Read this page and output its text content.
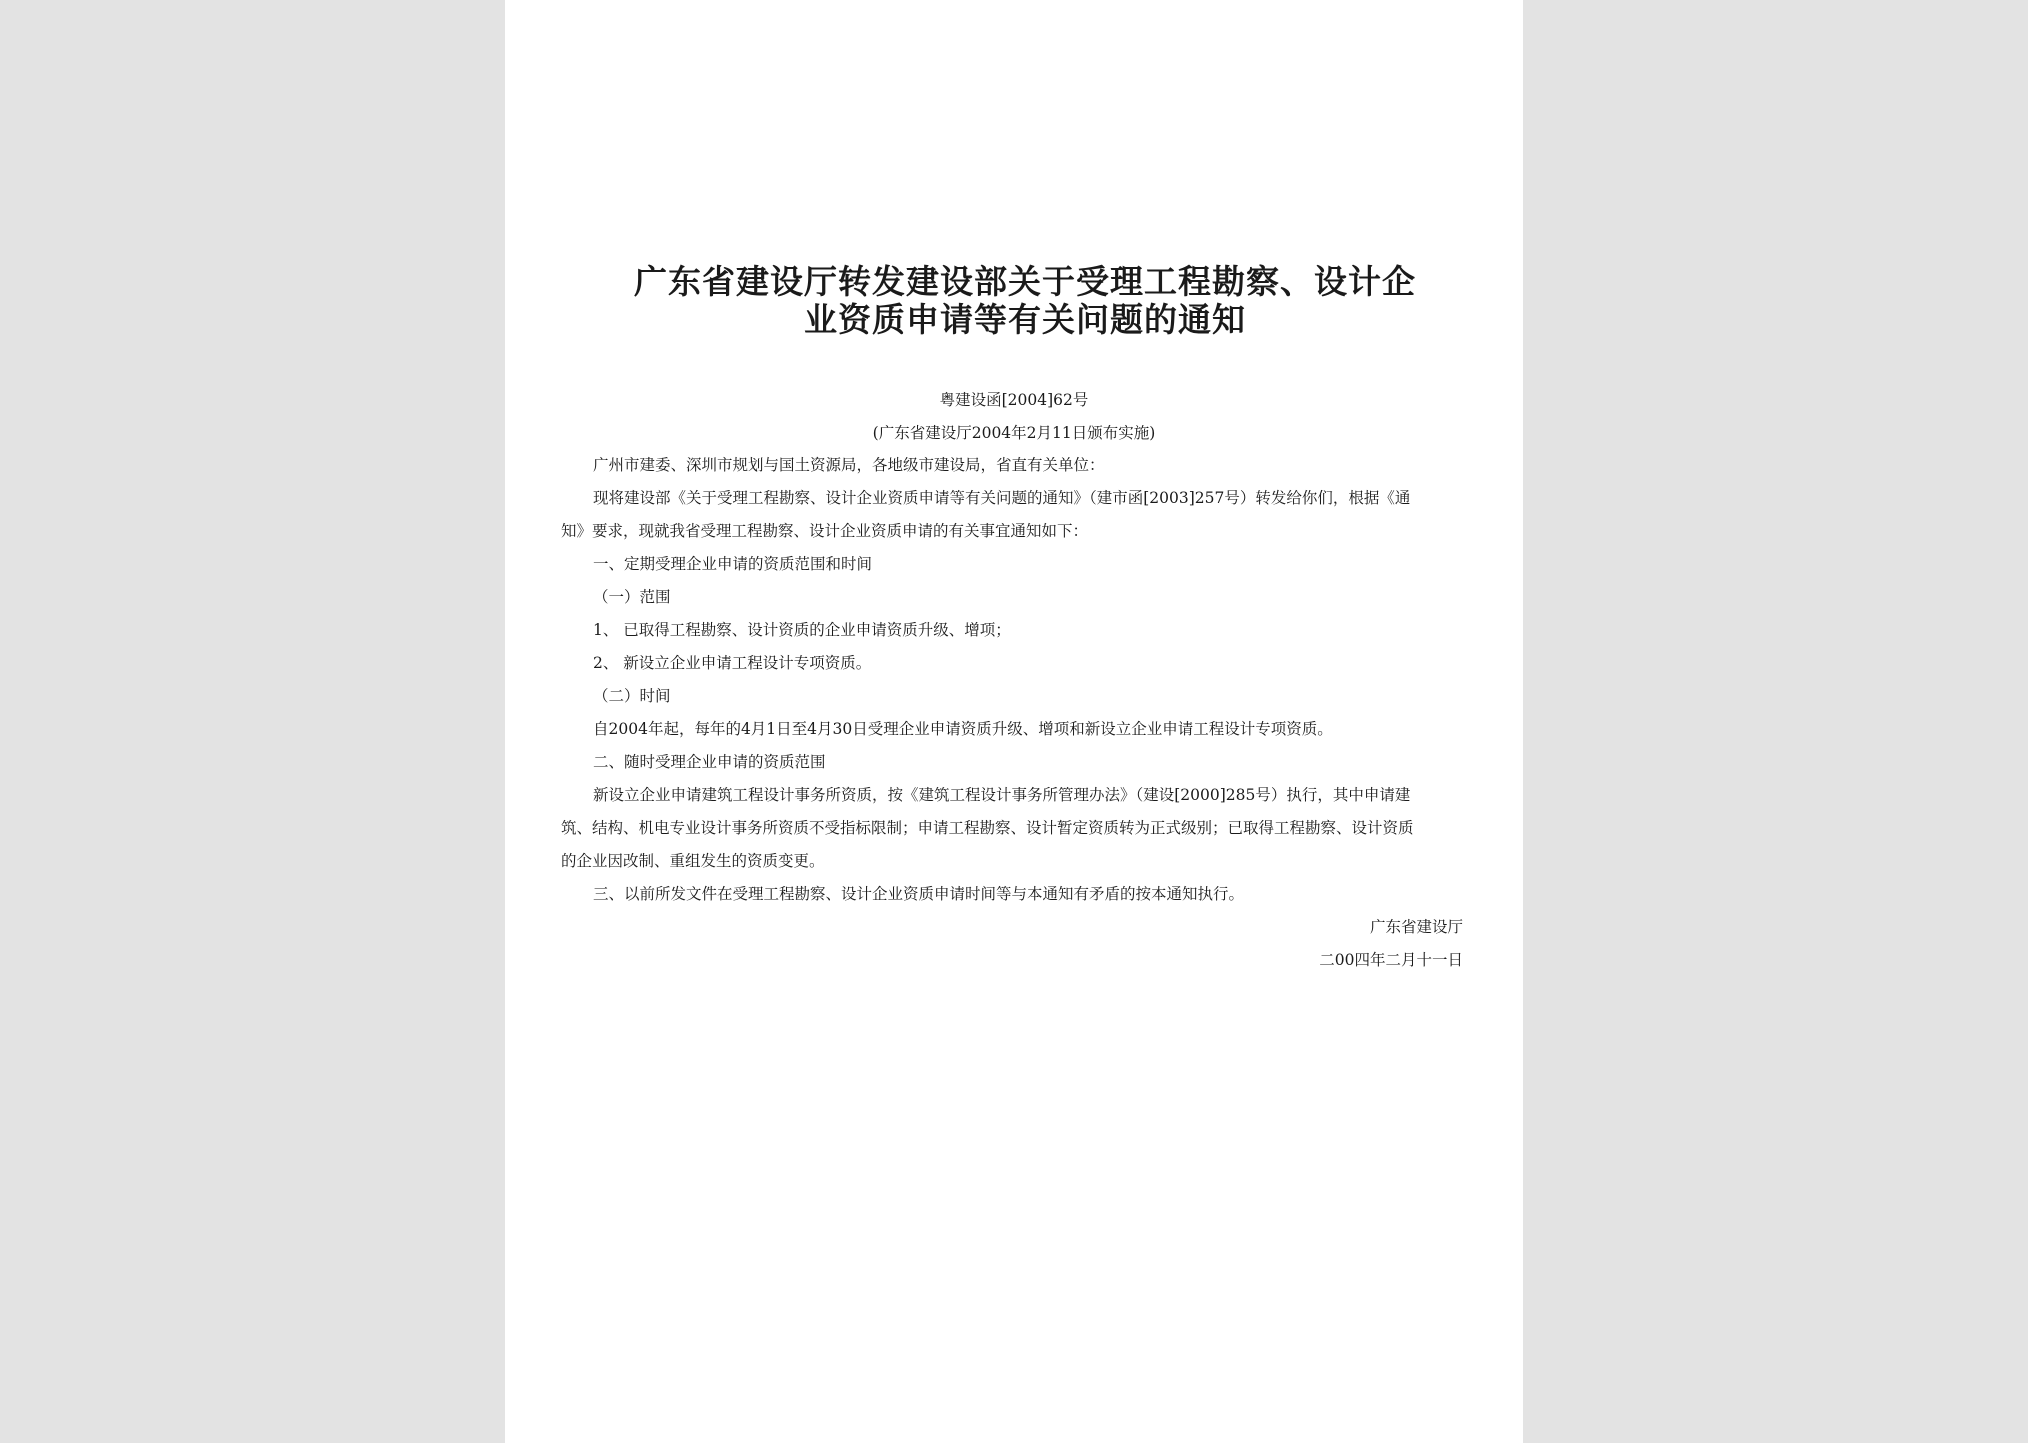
广东省建设厅转发建设部关于受理工程勘察、设计企
业资质申请等有关问题的通知

粤建设函[2004]62号

(广东省建设厅2004年2月11日颁布实施)

广州市建委、深圳市规划与国土资源局，各地级市建设局，省直有关单位：

现将建设部《关于受理工程勘察、设计企业资质申请等有关问题的通知》（建市函[2003]257号）转发给你们，根据《通

知》要求，现就我省受理工程勘察、设计企业资质申请的有关事宜通知如下：

一、定期受理企业申请的资质范围和时间

（一）范围

1、 已取得工程勘察、设计资质的企业申请资质升级、增项；

2、 新设立企业申请工程设计专项资质。

（二）时间

自2004年起，每年的4月1日至4月30日受理企业申请资质升级、增项和新设立企业申请工程设计专项资质。

二、随时受理企业申请的资质范围

新设立企业申请建筑工程设计事务所资质，按《建筑工程设计事务所管理办法》（建设[2000]285号）执行，其中申请建

筑、结构、机电专业设计事务所资质不受指标限制；申请工程勘察、设计暂定资质转为正式级别；已取得工程勘察、设计资质

的企业因改制、重组发生的资质变更。

三、以前所发文件在受理工程勘察、设计企业资质申请时间等与本通知有矛盾的按本通知执行。

广东省建设厅

二00四年二月十一日
